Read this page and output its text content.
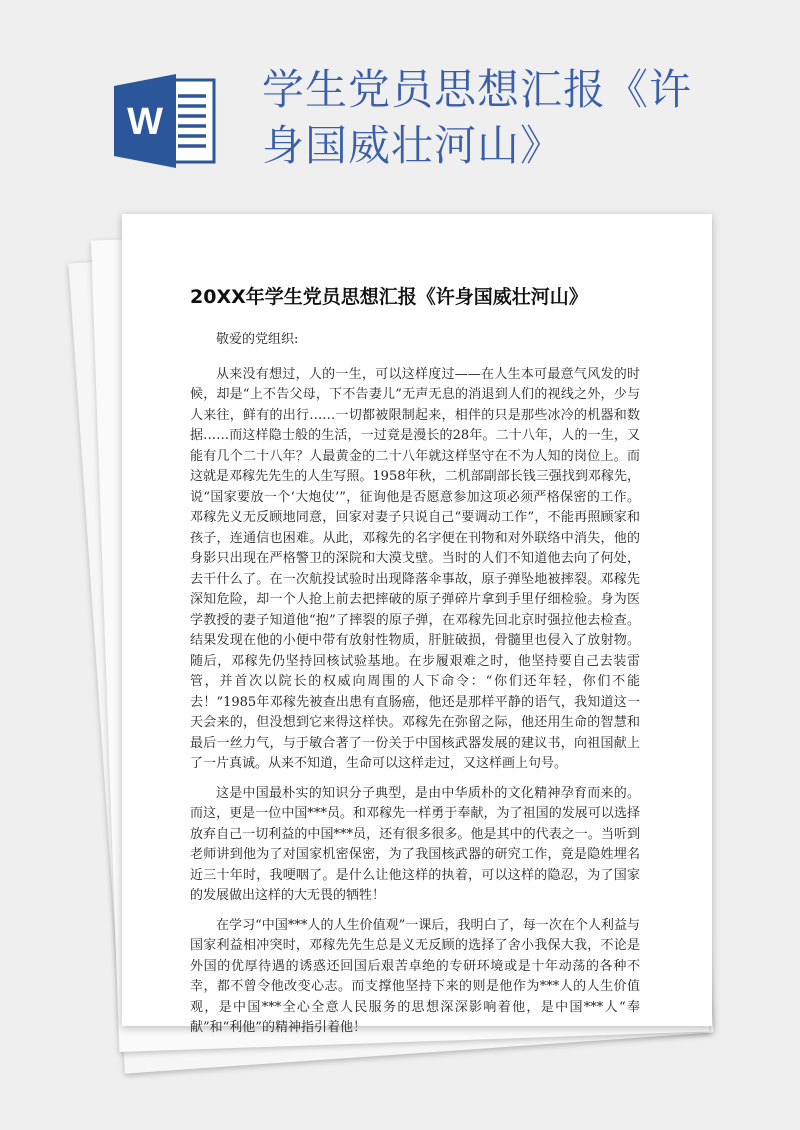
W
学生党员思想汇报《许身国威壮河山》
20XX年学生党员思想汇报《许身国威壮河山》

敬爱的党组织:

从来没有想过，人的一生，可以这样度过——在人生本可最意气风发的时候，却是“上不告父母，下不告妻儿”无声无息的消退到人们的视线之外，少与人来往，鲜有的出行……一切都被限制起来，相伴的只是那些冰冷的机器和数据……而这样隐士般的生活，一过竟是漫长的28年。二十八年，人的一生，又能有几个二十八年？人最黄金的二十八年就这样坚守在不为人知的岗位上。而这就是邓稼先先生的人生写照。1958年秋，二机部副部长钱三强找到邓稼先，说“国家要放一个‘大炮仗’”，征询他是否愿意参加这项必须严格保密的工作。邓稼先义无反顾地同意，回家对妻子只说自己“要调动工作”，不能再照顾家和孩子，连通信也困难。从此，邓稼先的名字便在刊物和对外联络中消失，他的身影只出现在严格警卫的深院和大漠戈壁。当时的人们不知道他去向了何处，去干什么了。在一次航投试验时出现降落伞事故，原子弹坠地被摔裂。邓稼先深知危险，却一个人抢上前去把摔破的原子弹碎片拿到手里仔细检验。身为医学教授的妻子知道他“抱”了摔裂的原子弹，在邓稼先回北京时强拉他去检查。结果发现在他的小便中带有放射性物质，肝脏破损，骨髓里也侵入了放射物。随后，邓稼先仍坚持回核试验基地。在步履艰难之时，他坚持要自己去装雷管，并首次以院长的权威向周围的人下命令：“你们还年轻，你们不能去！”1985年邓稼先被查出患有直肠癌，他还是那样平静的语气，我知道这一天会来的，但没想到它来得这样快。邓稼先在弥留之际，他还用生命的智慧和最后一丝力气，与于敏合著了一份关于中国核武器发展的建议书，向祖国献上了一片真诚。从来不知道，生命可以这样走过，又这样画上句号。

这是中国最朴实的知识分子典型，是由中华质朴的文化精神孕育而来的。而这，更是一位中国***员。和邓稼先一样勇于奉献，为了祖国的发展可以选择放弃自己一切利益的中国***员，还有很多很多。他是其中的代表之一。当听到老师讲到他为了对国家机密保密，为了我国核武器的研究工作，竟是隐姓埋名近三十年时，我哽咽了。是什么让他这样的执着，可以这样的隐忍，为了国家的发展做出这样的大无畏的牺牲！

在学习“中国***人的人生价值观”一课后，我明白了，每一次在个人利益与国家利益相冲突时，邓稼先先生总是义无反顾的选择了舍小我保大我，不论是外国的优厚待遇的诱惑还回国后艰苦卓绝的专研环境或是十年动荡的各种不幸，都不曾令他改变心志。而支撑他坚持下来的则是他作为***人的人生价值观，是中国***全心全意人民服务的思想深深影响着他，是中国***人“奉献”和“利他”的精神指引着他！
